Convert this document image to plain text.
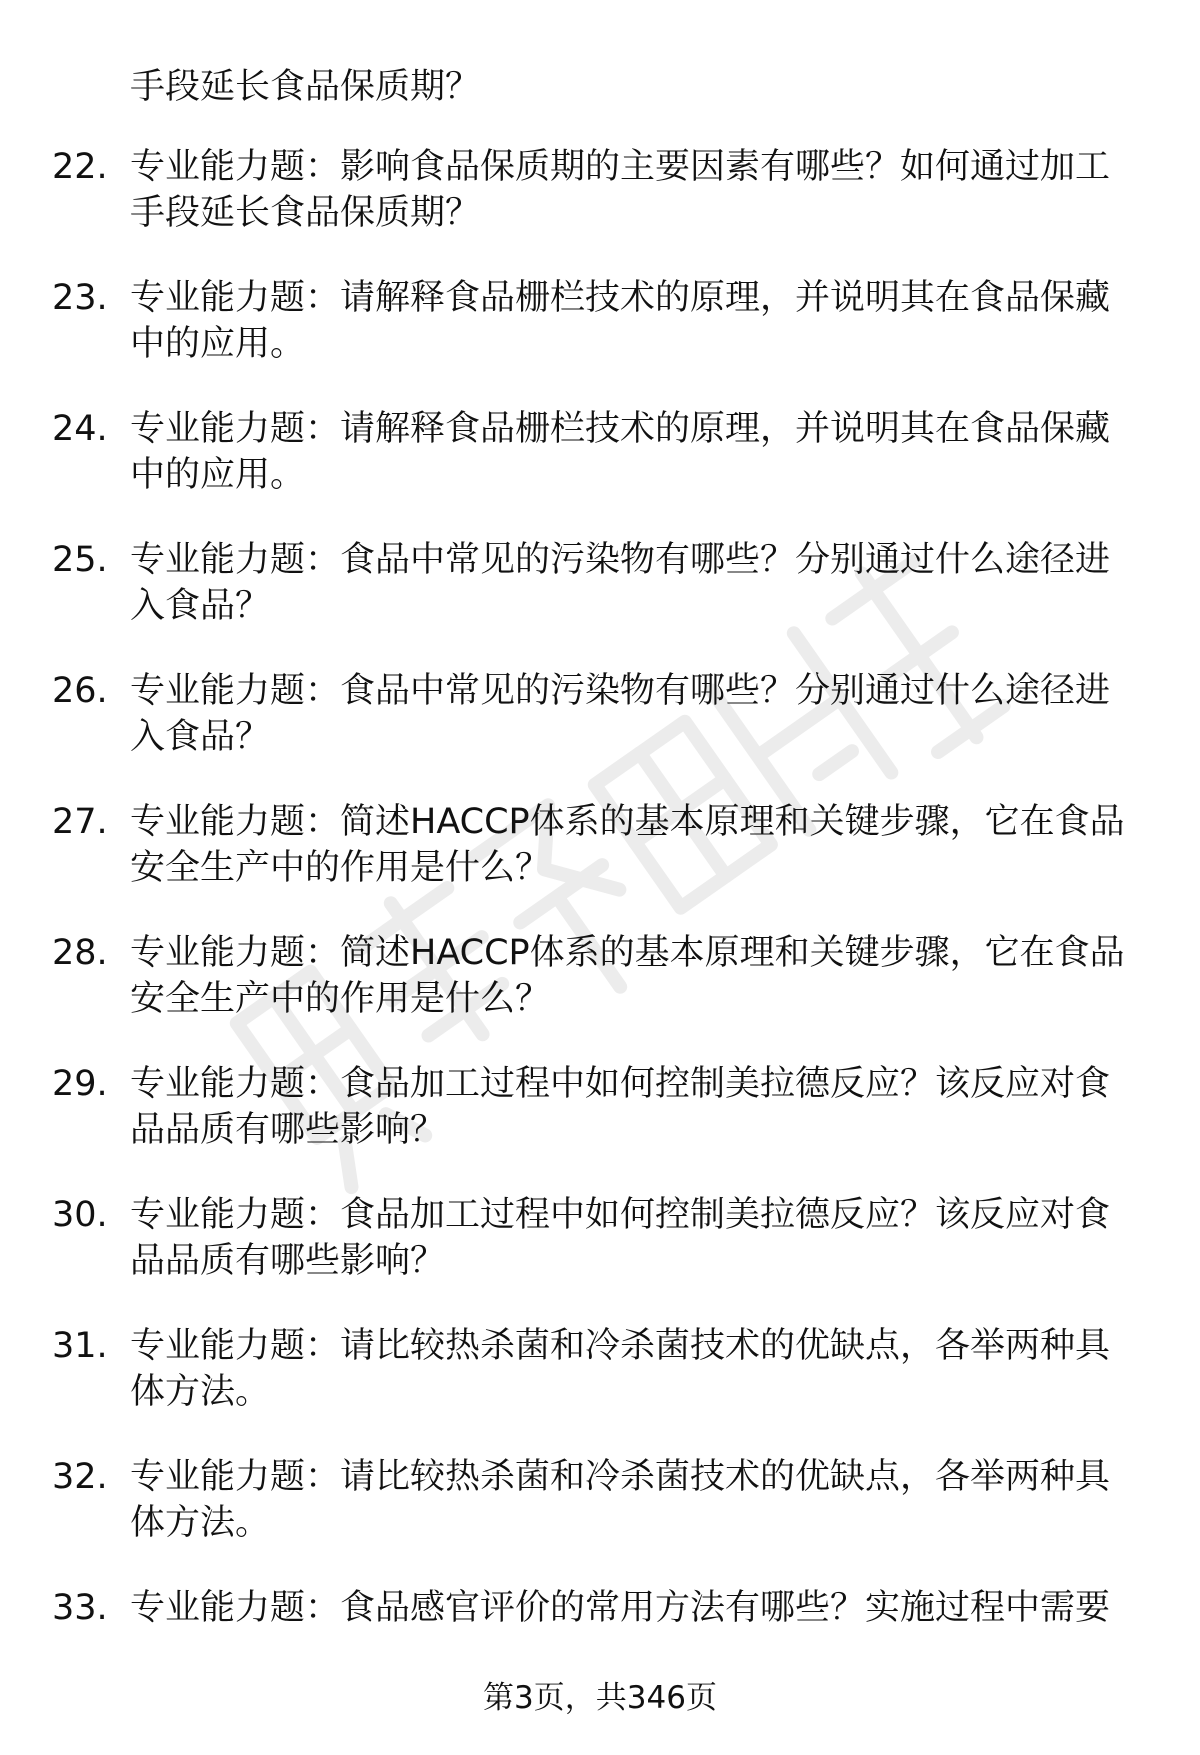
手段延长食品保质期？
22. 专业能力题：影响食品保质期的主要因素有哪些？如何通过加工
手段延长食品保质期？
23. 专业能力题：请解释食品栅栏技术的原理，并说明其在食品保藏
中的应用。
24. 专业能力题：请解释食品栅栏技术的原理，并说明其在食品保藏
中的应用。
25. 专业能力题：食品中常见的污染物有哪些？分别通过什么途径进
入食品？
26. 专业能力题：食品中常见的污染物有哪些？分别通过什么途径进
入食品？
27. 专业能力题：简述HACCP体系的基本原理和关键步骤，它在食品
安全生产中的作用是什么？
28. 专业能力题：简述HACCP体系的基本原理和关键步骤，它在食品
安全生产中的作用是什么？
29. 专业能力题：食品加工过程中如何控制美拉德反应？该反应对食
品品质有哪些影响？
30. 专业能力题：食品加工过程中如何控制美拉德反应？该反应对食
品品质有哪些影响？
31. 专业能力题：请比较热杀菌和冷杀菌技术的优缺点，各举两种具
体方法。
32. 专业能力题：请比较热杀菌和冷杀菌技术的优缺点，各举两种具
体方法。
33. 专业能力题：食品感官评价的常用方法有哪些？实施过程中需要
第3页，共346页
